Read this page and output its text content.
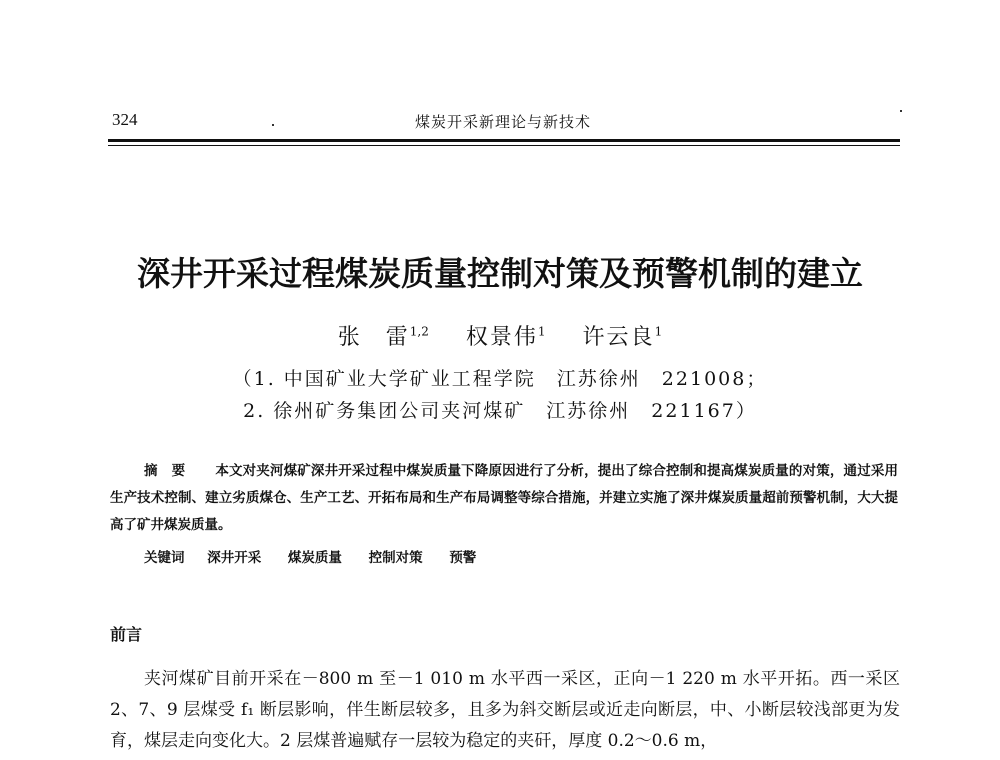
324	煤炭开采新理论与新技术
深井开采过程煤炭质量控制对策及预警机制的建立
张　雷$^{1,2}$ 权景伟$^1$ 许云良$^1$
（1. 中国矿业大学矿业工程学院　江苏徐州　221008；
2. 徐州矿务集团公司夹河煤矿　江苏徐州　221167）
摘要 本文对夹河煤矿深井开采过程中煤炭质量下降原因进行了分析，提出了综合控制和提高煤炭质量的对策，通过采用生产技术控制、建立劣质煤仓、生产工艺、开拓布局和生产布局调整等综合措施，并建立实施了深井煤炭质量超前预警机制，大大提高了矿井煤炭质量。
关键词 深井开采 煤炭质量 控制对策 预警
前言
夹河煤矿目前开采在－800 m 至－1 010 m 水平西一采区，正向－1 220 m 水平开拓。西一采区 2、7、9 层煤受 f₁ 断层影响，伴生断层较多，且多为斜交断层或近走向断层，中、小断层较浅部更为发育，煤层走向变化大。2 层煤普遍赋存一层较为稳定的夹矸，厚度 0.2～0.6 m，
